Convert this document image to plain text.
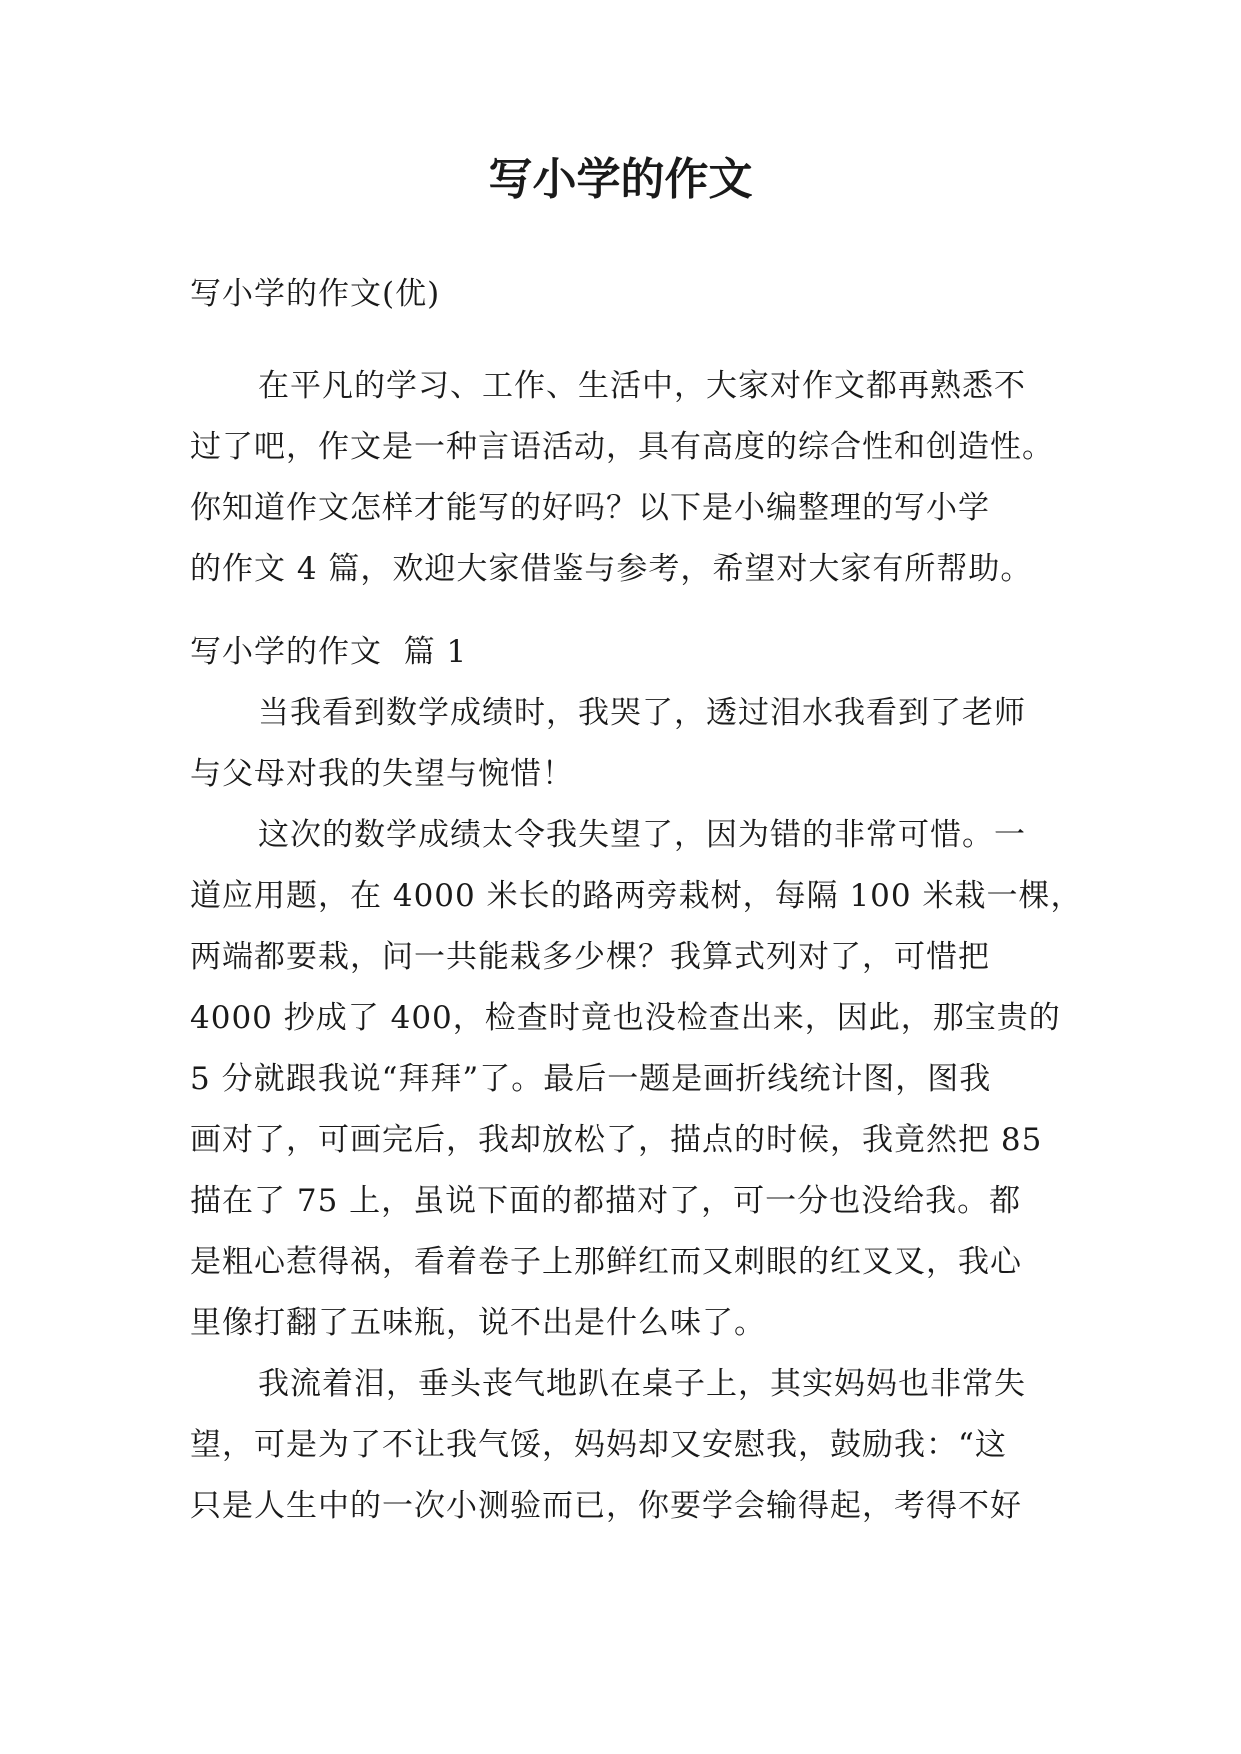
写小学的作文
写小学的作文(优)
在平凡的学习、工作、生活中，大家对作文都再熟悉不
过了吧，作文是一种言语活动，具有高度的综合性和创造性。
你知道作文怎样才能写的好吗？以下是小编整理的写小学
的作文 4 篇，欢迎大家借鉴与参考，希望对大家有所帮助。
写小学的作文  篇 1
当我看到数学成绩时，我哭了，透过泪水我看到了老师
与父母对我的失望与惋惜！
这次的数学成绩太令我失望了，因为错的非常可惜。一
道应用题，在 4000 米长的路两旁栽树，每隔 100 米栽一棵，
两端都要栽，问一共能栽多少棵？我算式列对了，可惜把
4000 抄成了 400，检查时竟也没检查出来，因此，那宝贵的
5 分就跟我说“拜拜”了。最后一题是画折线统计图，图我
画对了，可画完后，我却放松了，描点的时候，我竟然把 85
描在了 75 上，虽说下面的都描对了，可一分也没给我。都
是粗心惹得祸，看着卷子上那鲜红而又刺眼的红叉叉，我心
里像打翻了五味瓶，说不出是什么味了。
我流着泪，垂头丧气地趴在桌子上，其实妈妈也非常失
望，可是为了不让我气馁，妈妈却又安慰我，鼓励我：“这
只是人生中的一次小测验而已，你要学会输得起，考得不好
